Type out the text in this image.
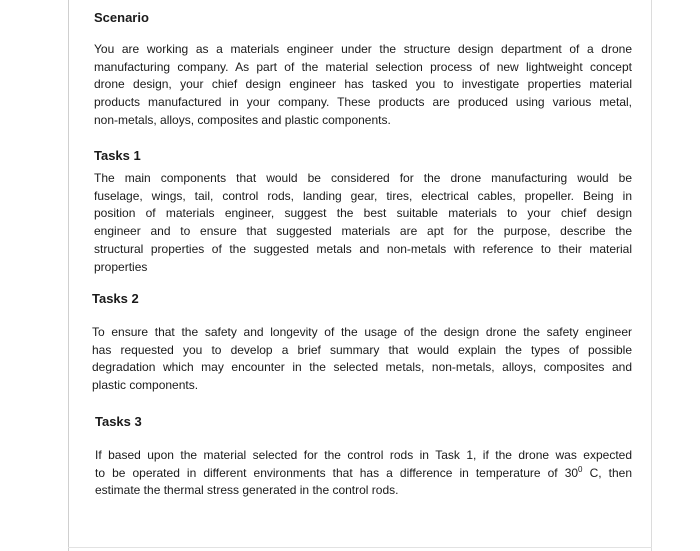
Scenario
You are working as a materials engineer under the structure design department of a drone
manufacturing company. As part of the material selection process of new lightweight concept
drone design, your chief design engineer has tasked you to investigate properties material
products manufactured in your company. These products are produced using various metal,
non-metals, alloys, composites and plastic components.
Tasks 1
The main components that would be considered for the drone manufacturing would be
fuselage, wings, tail, control rods, landing gear, tires, electrical cables, propeller. Being in
position of materials engineer, suggest the best suitable materials to your chief design
engineer and to ensure that suggested materials are apt for the purpose, describe the
structural properties of the suggested metals and non-metals with reference to their material
properties
Tasks 2
To ensure that the safety and longevity of the usage of the design drone the safety engineer
has requested you to develop a brief summary that would explain the types of possible
degradation which may encounter in the selected metals, non-metals, alloys, composites and
plastic components.
Tasks 3
If based upon the material selected for the control rods in Task 1, if the drone was expected
to be operated in different environments that has a difference in temperature of $30^0$ C, then
estimate the thermal stress generated in the control rods.
